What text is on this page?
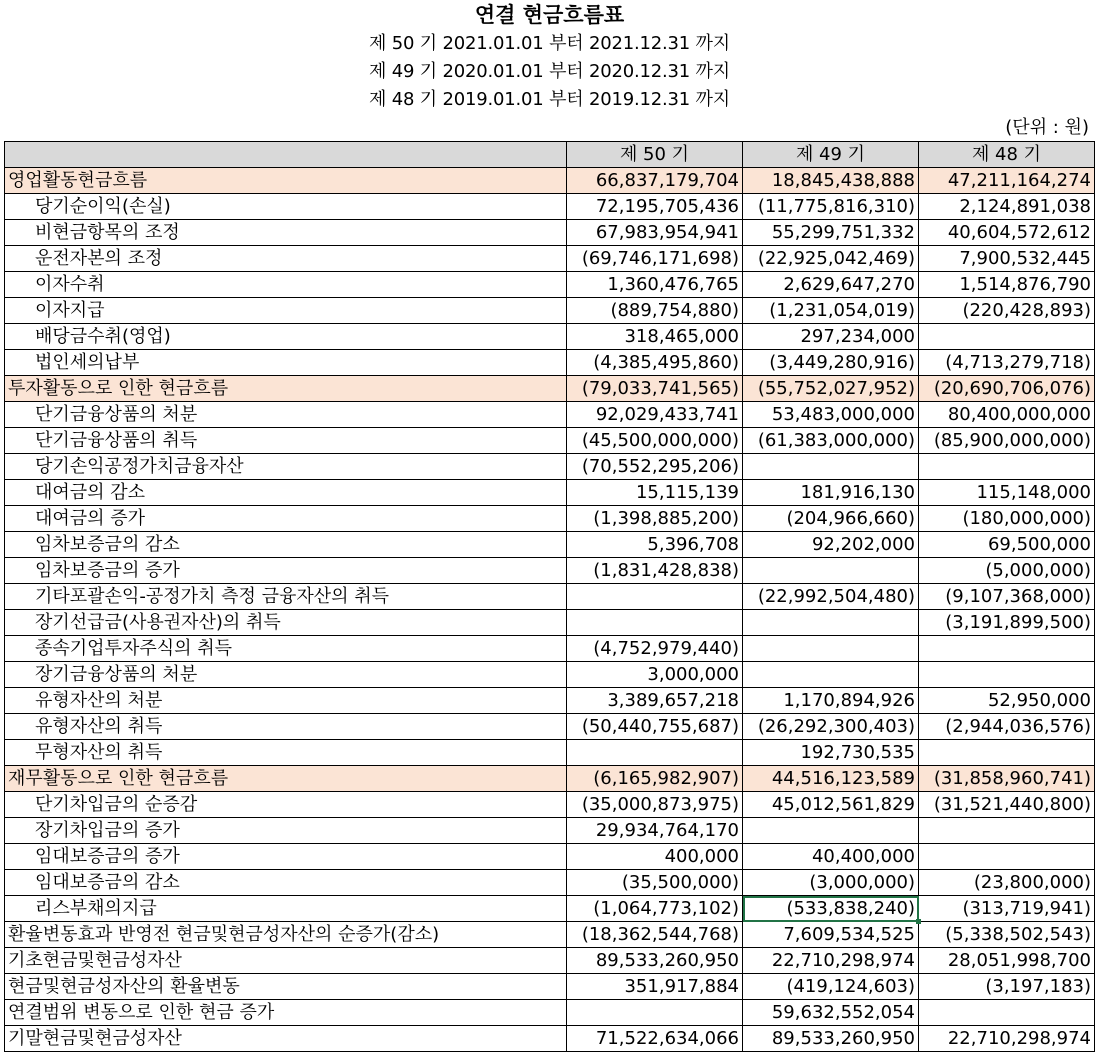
연결 현금흐름표
제 50 기 2021.01.01 부터 2021.12.31 까지
제 49 기 2020.01.01 부터 2020.12.31 까지
제 48 기 2019.01.01 부터 2019.12.31 까지
(단위 : 원)
	제 50 기	제 49 기	제 48 기
영업활동현금흐름	66,837,179,704	18,845,438,888	47,211,164,274
당기순이익(손실)	72,195,705,436	(11,775,816,310)	2,124,891,038
비현금항목의 조정	67,983,954,941	55,299,751,332	40,604,572,612
운전자본의 조정	(69,746,171,698)	(22,925,042,469)	7,900,532,445
이자수취	1,360,476,765	2,629,647,270	1,514,876,790
이자지급	(889,754,880)	(1,231,054,019)	(220,428,893)
배당금수취(영업)	318,465,000	297,234,000	
법인세의납부	(4,385,495,860)	(3,449,280,916)	(4,713,279,718)
투자활동으로 인한 현금흐름	(79,033,741,565)	(55,752,027,952)	(20,690,706,076)
단기금융상품의 처분	92,029,433,741	53,483,000,000	80,400,000,000
단기금융상품의 취득	(45,500,000,000)	(61,383,000,000)	(85,900,000,000)
당기손익공정가치금융자산	(70,552,295,206)		
대여금의 감소	15,115,139	181,916,130	115,148,000
대여금의 증가	(1,398,885,200)	(204,966,660)	(180,000,000)
임차보증금의 감소	5,396,708	92,202,000	69,500,000
임차보증금의 증가	(1,831,428,838)		(5,000,000)
기타포괄손익-공정가치 측정 금융자산의 취득		(22,992,504,480)	(9,107,368,000)
장기선급금(사용권자산)의 취득			(3,191,899,500)
종속기업투자주식의 취득	(4,752,979,440)		
장기금융상품의 처분	3,000,000		
유형자산의 처분	3,389,657,218	1,170,894,926	52,950,000
유형자산의 취득	(50,440,755,687)	(26,292,300,403)	(2,944,036,576)
무형자산의 취득		192,730,535	
재무활동으로 인한 현금흐름	(6,165,982,907)	44,516,123,589	(31,858,960,741)
단기차입금의 순증감	(35,000,873,975)	45,012,561,829	(31,521,440,800)
장기차입금의 증가	29,934,764,170		
임대보증금의 증가	400,000	40,400,000	
임대보증금의 감소	(35,500,000)	(3,000,000)	(23,800,000)
리스부채의지급	(1,064,773,102)	(533,838,240)	(313,719,941)
환율변동효과 반영전 현금및현금성자산의 순증가(감소)	(18,362,544,768)	7,609,534,525	(5,338,502,543)
기초현금및현금성자산	89,533,260,950	22,710,298,974	28,051,998,700
현금및현금성자산의 환율변동	351,917,884	(419,124,603)	(3,197,183)
연결범위 변동으로 인한 현금 증가		59,632,552,054	
기말현금및현금성자산	71,522,634,066	89,533,260,950	22,710,298,974
